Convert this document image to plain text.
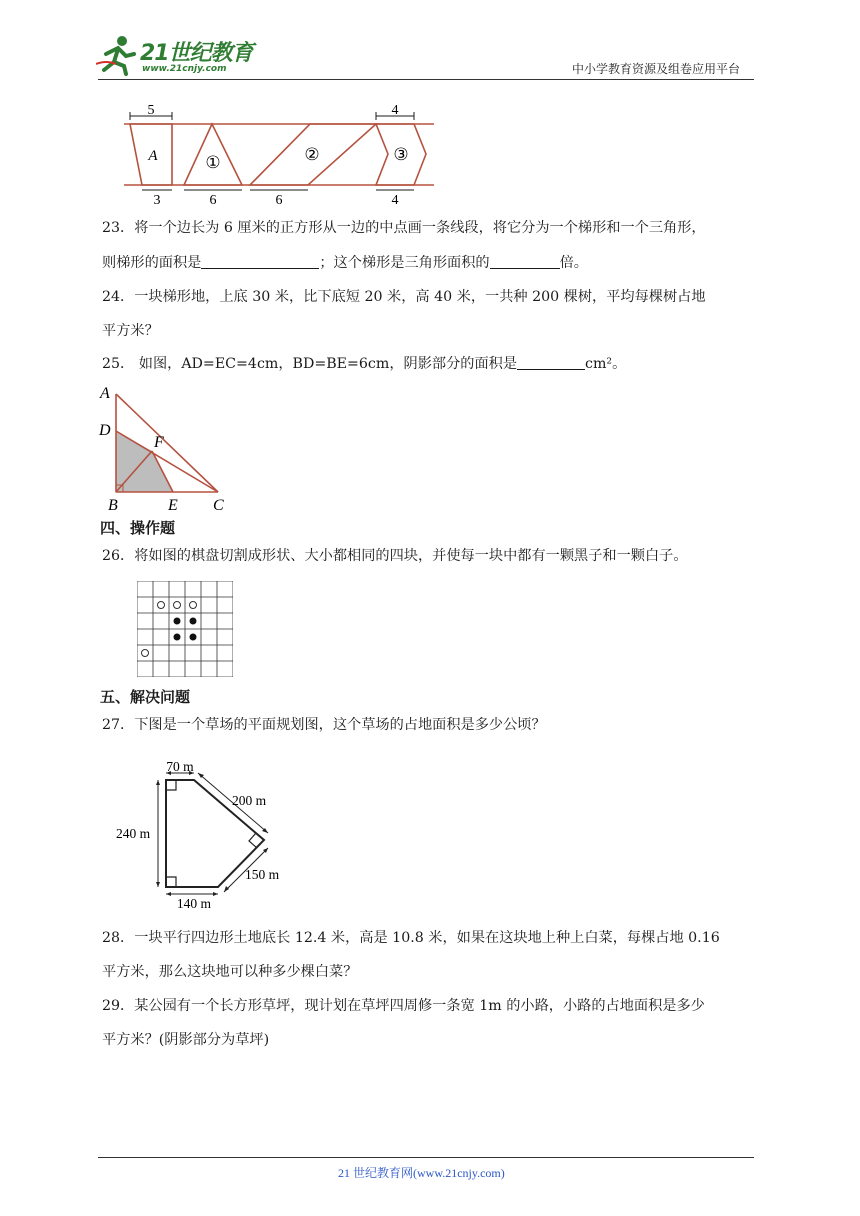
21世纪教育
www.21cnjy.com	中小学教育资源及组卷应用平台
5	4
3	6	6	4
A	①	②	③
23．将一个边长为 6 厘米的正方形从一边的中点画一条线段，将它分为一个梯形和一个三角形，
则梯形的面积是	；这个梯形是三角形面积的	倍。
24．一块梯形地，上底 30 米，比下底短 20 米，高 40 米，一共种 200 棵树，平均每棵树占地
平方米？
25． 如图，AD=EC=4cm，BD=BE=6cm，阴影部分的面积是	cm²。
A
D
F
B	E C
四、操作题
26．将如图的棋盘切割成形状、大小都相同的四块，并使每一块中都有一颗黑子和一颗白子。
五、解决问题
27．下图是一个草场的平面规划图，这个草场的占地面积是多少公顷？
70 m
200 m
240 m
150 m
140 m
28．一块平行四边形土地底长 12.4 米，高是 10.8 米，如果在这块地上种上白菜，每棵占地 0.16
平方米，那么这块地可以种多少棵白菜？
29．某公园有一个长方形草坪，现计划在草坪四周修一条宽 1m 的小路，小路的占地面积是多少
平方米？(阴影部分为草坪)
21 世纪教育网(www.21cnjy.com)
